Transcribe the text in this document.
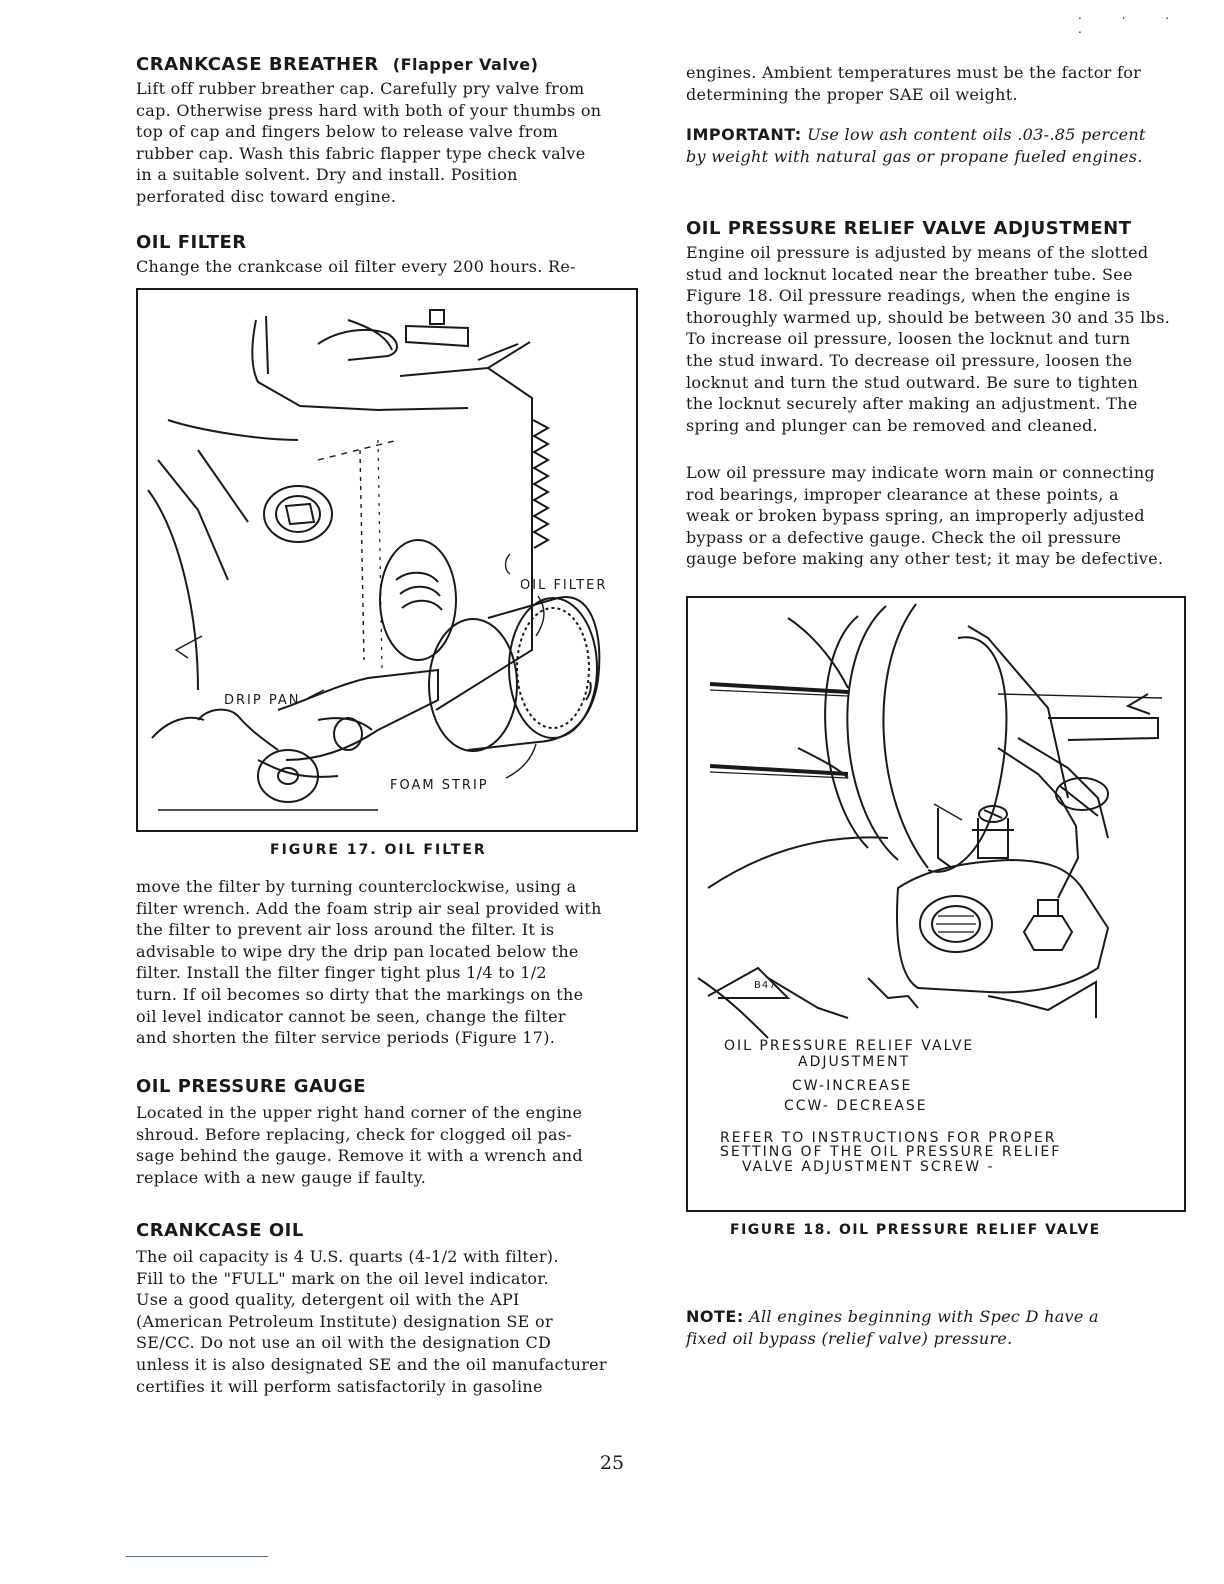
. . . .
CRANKCASE BREATHER (Flapper Valve)
Lift off rubber breather cap. Carefully pry valve from
cap. Otherwise press hard with both of your thumbs on
top of cap and fingers below to release valve from
rubber cap. Wash this fabric flapper type check valve
in a suitable solvent. Dry and install. Position
perforated disc toward engine.
OIL FILTER
Change the crankcase oil filter every 200 hours. Re-
OIL FILTER
DRIP PAN
FOAM STRIP
FIGURE 17. OIL FILTER
move the filter by turning counterclockwise, using a
filter wrench. Add the foam strip air seal provided with
the filter to prevent air loss around the filter. It is
advisable to wipe dry the drip pan located below the
filter. Install the filter finger tight plus 1/4 to 1/2
turn. If oil becomes so dirty that the markings on the
oil level indicator cannot be seen, change the filter
and shorten the filter service periods (Figure 17).
OIL PRESSURE GAUGE
Located in the upper right hand corner of the engine
shroud. Before replacing, check for clogged oil pas-
sage behind the gauge. Remove it with a wrench and
replace with a new gauge if faulty.
CRANKCASE OIL
The oil capacity is 4 U.S. quarts (4-1/2 with filter).
Fill to the "FULL" mark on the oil level indicator.
Use a good quality, detergent oil with the API
(American Petroleum Institute) designation SE or
SE/CC. Do not use an oil with the designation CD
unless it is also designated SE and the oil manufacturer
certifies it will perform satisfactorily in gasoline
engines. Ambient temperatures must be the factor for
determining the proper SAE oil weight.
IMPORTANT: Use low ash content oils .03-.85 percent
by weight with natural gas or propane fueled engines.
OIL PRESSURE RELIEF VALVE ADJUSTMENT
Engine oil pressure is adjusted by means of the slotted
stud and locknut located near the breather tube. See
Figure 18. Oil pressure readings, when the engine is
thoroughly warmed up, should be between 30 and 35 lbs.
To increase oil pressure, loosen the locknut and turn
the stud inward. To decrease oil pressure, loosen the
locknut and turn the stud outward. Be sure to tighten
the locknut securely after making an adjustment. The
spring and plunger can be removed and cleaned.
Low oil pressure may indicate worn main or connecting
rod bearings, improper clearance at these points, a
weak or broken bypass spring, an improperly adjusted
bypass or a defective gauge. Check the oil pressure
gauge before making any other test; it may be defective.
B47
OIL PRESSURE RELIEF VALVE
ADJUSTMENT
CW-INCREASE
CCW- DECREASE
REFER TO INSTRUCTIONS FOR PROPER
SETTING OF THE OIL PRESSURE RELIEF
VALVE ADJUSTMENT SCREW -
FIGURE 18. OIL PRESSURE RELIEF VALVE
NOTE: All engines beginning with Spec D have a
fixed oil bypass (relief valve) pressure.
25
